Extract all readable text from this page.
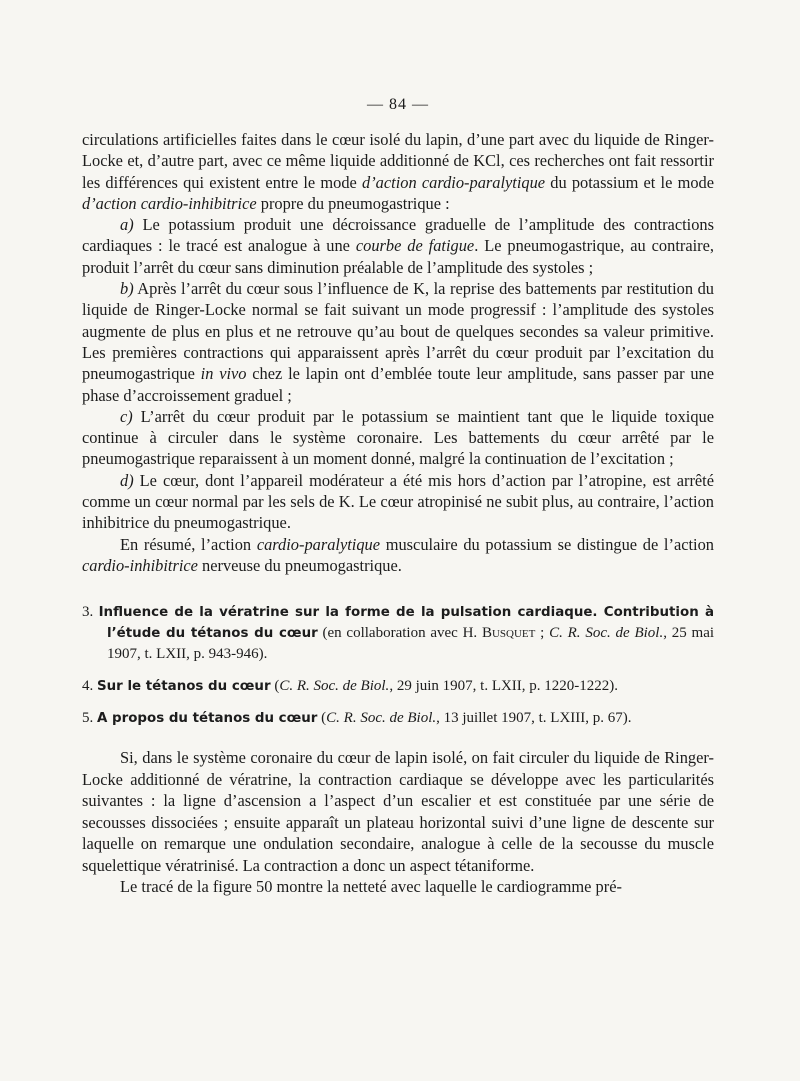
— 84 —

circulations artificielles faites dans le cœur isolé du lapin, d’une part avec du liquide de Ringer-Locke et, d’autre part, avec ce même liquide additionné de KCl, ces recherches ont fait ressortir les différences qui existent entre le mode d’action cardio-paralytique du potassium et le mode d’action cardio-inhibitrice propre du pneumogastrique :

a) Le potassium produit une décroissance graduelle de l’amplitude des contractions cardiaques : le tracé est analogue à une courbe de fatigue. Le pneumogastrique, au contraire, produit l’arrêt du cœur sans diminution préalable de l’amplitude des systoles ;

b) Après l’arrêt du cœur sous l’influence de K, la reprise des battements par restitution du liquide de Ringer-Locke normal se fait suivant un mode progressif : l’amplitude des systoles augmente de plus en plus et ne retrouve qu’au bout de quelques secondes sa valeur primitive. Les premières contractions qui apparaissent après l’arrêt du cœur produit par l’excitation du pneumogastrique in vivo chez le lapin ont d’emblée toute leur amplitude, sans passer par une phase d’accroissement graduel ;

c) L’arrêt du cœur produit par le potassium se maintient tant que le liquide toxique continue à circuler dans le système coronaire. Les battements du cœur arrêté par le pneumogastrique reparaissent à un moment donné, malgré la continuation de l’excitation ;

d) Le cœur, dont l’appareil modérateur a été mis hors d’action par l’atropine, est arrêté comme un cœur normal par les sels de K. Le cœur atropinisé ne subit plus, au contraire, l’action inhibitrice du pneumogastrique.

En résumé, l’action cardio-paralytique musculaire du potassium se distingue de l’action cardio-inhibitrice nerveuse du pneumogastrique.

3. Influence de la vératrine sur la forme de la pulsation cardiaque. Contribution à l’étude du tétanos du cœur (en collaboration avec H. Busquet ; C. R. Soc. de Biol., 25 mai 1907, t. LXII, p. 943-946).
4. Sur le tétanos du cœur (C. R. Soc. de Biol., 29 juin 1907, t. LXII, p. 1220-1222).
5. A propos du tétanos du cœur (C. R. Soc. de Biol., 13 juillet 1907, t. LXIII, p. 67).

Si, dans le système coronaire du cœur de lapin isolé, on fait circuler du liquide de Ringer-Locke additionné de vératrine, la contraction cardiaque se développe avec les particularités suivantes : la ligne d’ascension a l’aspect d’un escalier et est constituée par une série de secousses dissociées ; ensuite apparaît un plateau horizontal suivi d’une ligne de descente sur laquelle on remarque une ondulation secondaire, analogue à celle de la secousse du muscle squelettique vératrinisé. La contraction a donc un aspect tétaniforme.

Le tracé de la figure 50 montre la netteté avec laquelle le cardiogramme pré-
